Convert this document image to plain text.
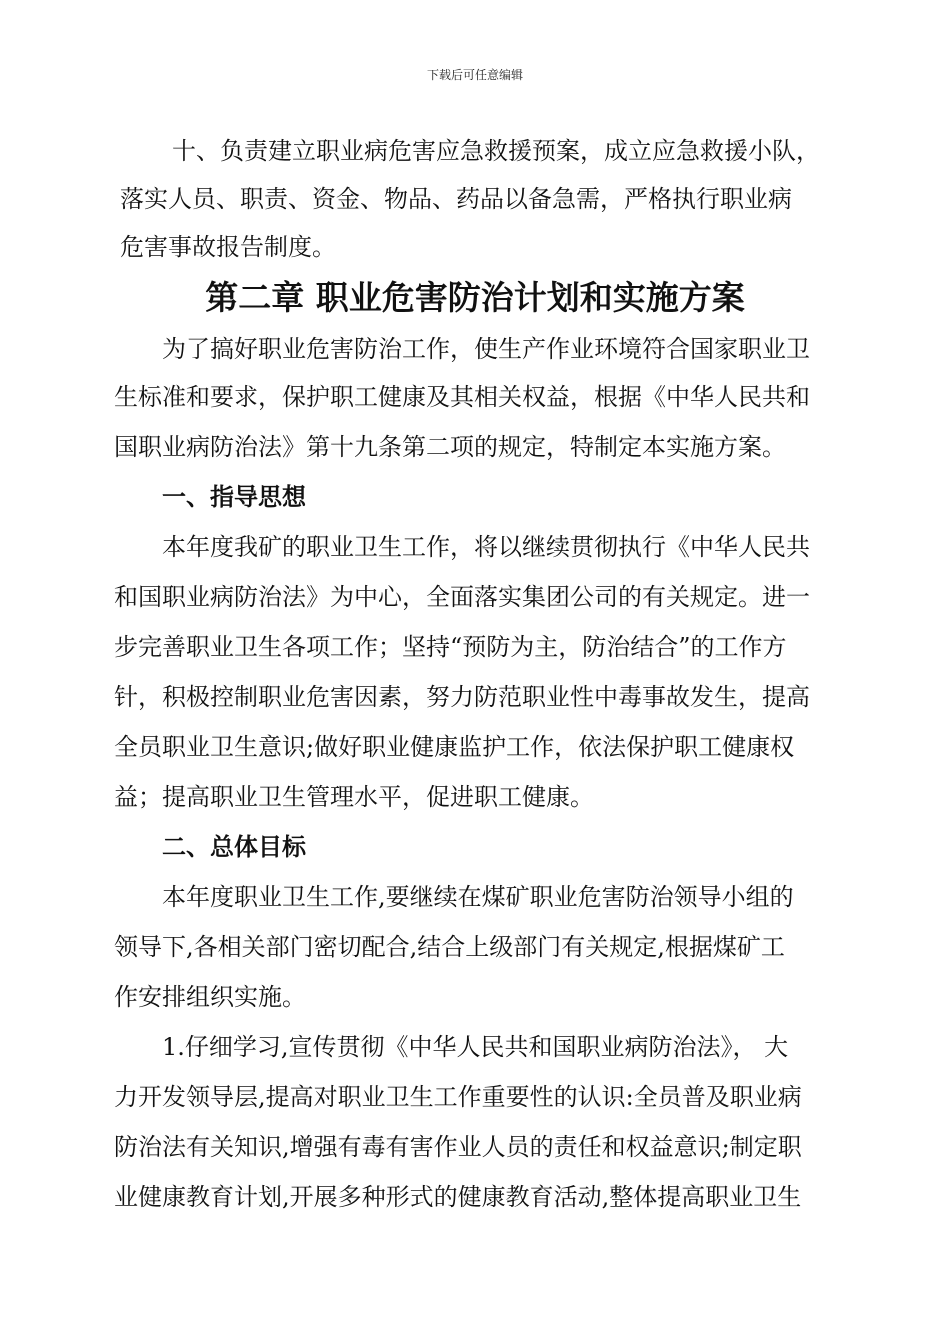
下载后可任意编辑
十、负责建立职业病危害应急救援预案，成立应急救援小队，
落实人员、职责、资金、物品、药品以备急需，严格执行职业病
危害事故报告制度。
第二章 职业危害防治计划和实施方案
为了搞好职业危害防治工作，使生产作业环境符合国家职业卫
生标准和要求，保护职工健康及其相关权益，根据《中华人民共和
国职业病防治法》第十九条第二项的规定，特制定本实施方案。
一、指导思想
本年度我矿的职业卫生工作，将以继续贯彻执行《中华人民共
和国职业病防治法》为中心，全面落实集团公司的有关规定。进一
步完善职业卫生各项工作；坚持“预防为主，防治结合”的工作方
针，积极控制职业危害因素，努力防范职业性中毒事故发生，提高
全员职业卫生意识;做好职业健康监护工作，依法保护职工健康权
益；提高职业卫生管理水平，促进职工健康。
二、总体目标
本年度职业卫生工作,要继续在煤矿职业危害防治领导小组的
领导下,各相关部门密切配合,结合上级部门有关规定,根据煤矿工
作安排组织实施。
1.仔细学习,宣传贯彻《中华人民共和国职业病防治法》， 大
力开发领导层,提高对职业卫生工作重要性的认识:全员普及职业病
防治法有关知识,增强有毒有害作业人员的责任和权益意识;制定职
业健康教育计划,开展多种形式的健康教育活动,整体提高职业卫生
